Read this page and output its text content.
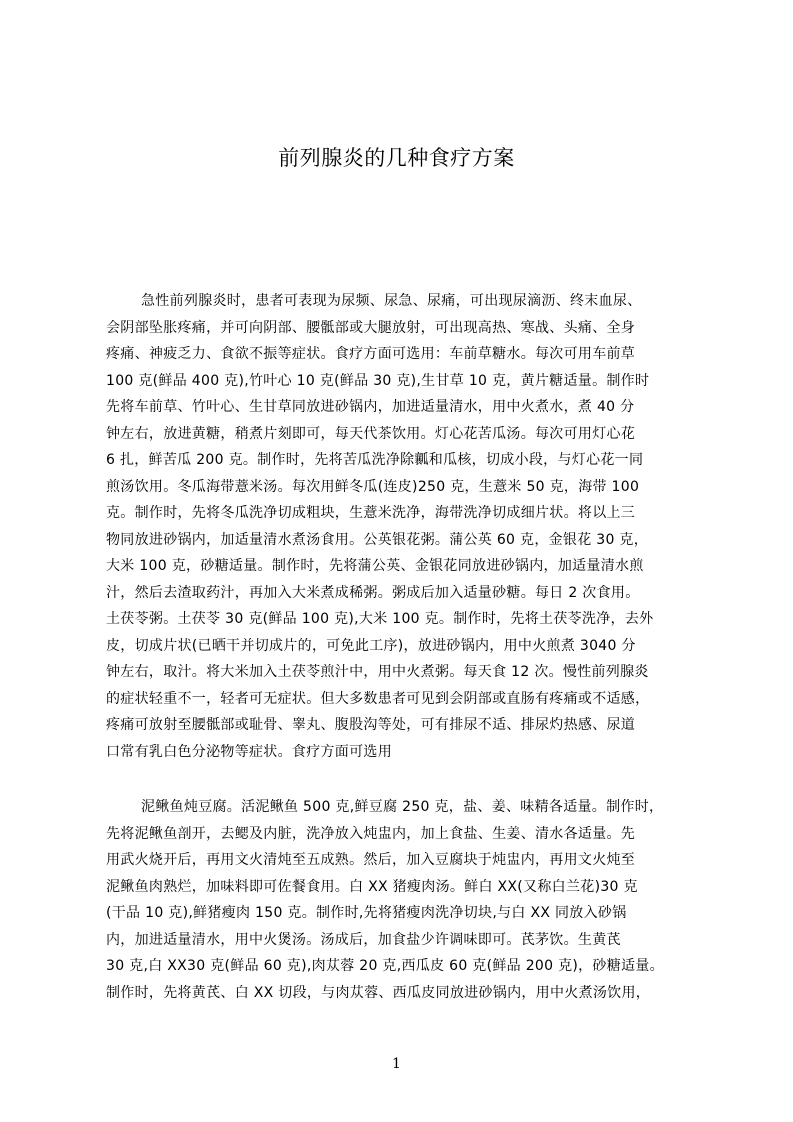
前列腺炎的几种食疗方案
急性前列腺炎时，患者可表现为尿频、尿急、尿痛，可出现尿滴沥、终末血尿、
会阴部坠胀疼痛，并可向阴部、腰骶部或大腿放射，可出现高热、寒战、头痛、全身
疼痛、神疲乏力、食欲不振等症状。食疗方面可选用：车前草糖水。每次可用车前草
100 克(鲜品 400 克),竹叶心 10 克(鲜品 30 克),生甘草 10 克，黄片糖适量。制作时
先将车前草、竹叶心、生甘草同放进砂锅内，加进适量清水，用中火煮水，煮 40 分
钟左右，放进黄糖，稍煮片刻即可，每天代茶饮用。灯心花苦瓜汤。每次可用灯心花
6 扎，鲜苦瓜 200 克。制作时，先将苦瓜洗净除瓤和瓜核，切成小段，与灯心花一同
煎汤饮用。冬瓜海带薏米汤。每次用鲜冬瓜(连皮)250 克，生薏米 50 克，海带 100
克。制作时，先将冬瓜洗净切成粗块，生薏米洗净，海带洗净切成细片状。将以上三
物同放进砂锅内，加适量清水煮汤食用。公英银花粥。蒲公英 60 克，金银花 30 克，
大米 100 克，砂糖适量。制作时，先将蒲公英、金银花同放进砂锅内，加适量清水煎
汁，然后去渣取药汁，再加入大米煮成稀粥。粥成后加入适量砂糖。每日 2 次食用。
土茯苓粥。土茯苓 30 克(鲜品 100 克),大米 100 克。制作时，先将土茯苓洗净，去外
皮，切成片状(已晒干并切成片的，可免此工序)，放进砂锅内，用中火煎煮 3040 分
钟左右，取汁。将大米加入土茯苓煎汁中，用中火煮粥。每天食 12 次。慢性前列腺炎
的症状轻重不一，轻者可无症状。但大多数患者可见到会阴部或直肠有疼痛或不适感，
疼痛可放射至腰骶部或耻骨、睾丸、腹股沟等处，可有排尿不适、排尿灼热感、尿道
口常有乳白色分泌物等症状。食疗方面可选用
泥鳅鱼炖豆腐。活泥鳅鱼 500 克,鲜豆腐 250 克，盐、姜、味精各适量。制作时，
先将泥鳅鱼剖开，去鳃及内脏，洗净放入炖盅内，加上食盐、生姜、清水各适量。先
用武火烧开后，再用文火清炖至五成熟。然后，加入豆腐块于炖盅内，再用文火炖至
泥鳅鱼肉熟烂，加味料即可佐餐食用。白 XX 猪瘦肉汤。鲜白 XX(又称白兰花)30 克
(干品 10 克),鲜猪瘦肉 150 克。制作时,先将猪瘦肉洗净切块,与白 XX 同放入砂锅
内，加进适量清水，用中火煲汤。汤成后，加食盐少许调味即可。芪茅饮。生黄芪
30 克,白 XX30 克(鲜品 60 克),肉苁蓉 20 克,西瓜皮 60 克(鲜品 200 克)，砂糖适量。
制作时，先将黄芪、白 XX 切段，与肉苁蓉、西瓜皮同放进砂锅内，用中火煮汤饮用，
1
